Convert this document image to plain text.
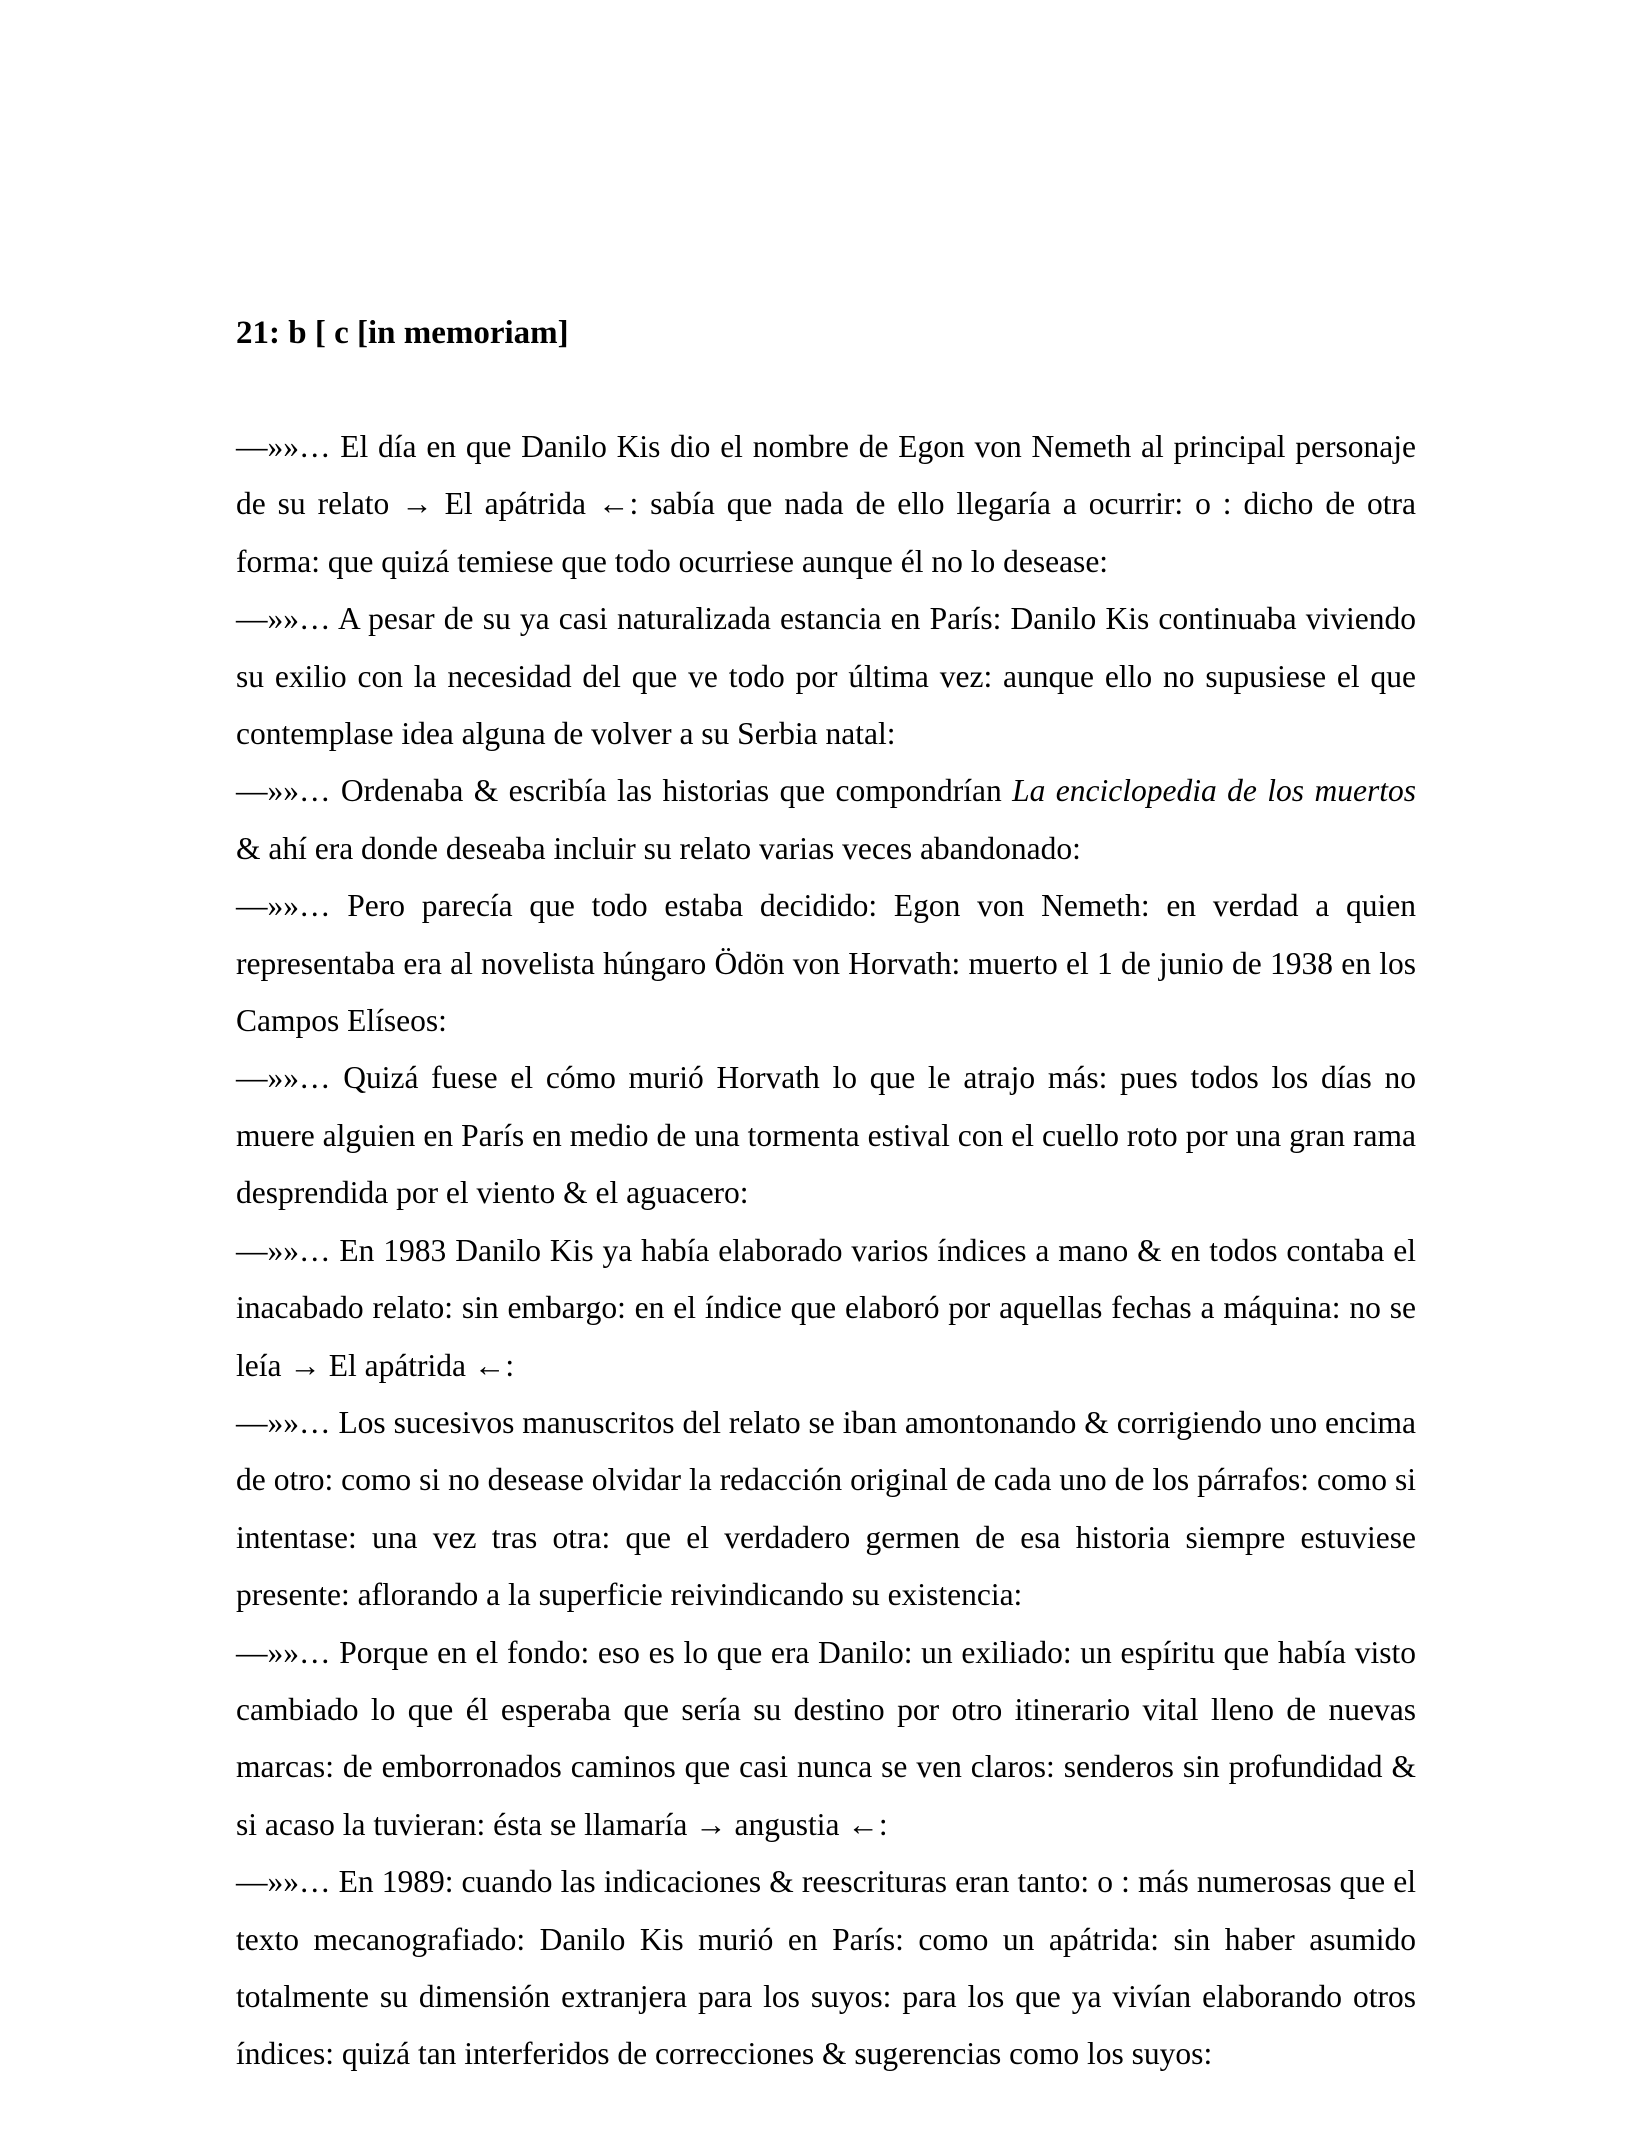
21: b [ c [in memoriam]

—»»… El día en que Danilo Kis dio el nombre de Egon von Nemeth al principal personaje de su relato → El apátrida ←: sabía que nada de ello llegaría a ocurrir: o : dicho de otra forma: que quizá temiese que todo ocurriese aunque él no lo desease:

—»»… A pesar de su ya casi naturalizada estancia en París: Danilo Kis continuaba viviendo su exilio con la necesidad del que ve todo por última vez: aunque ello no supusiese el que contemplase idea alguna de volver a su Serbia natal:

—»»… Ordenaba & escribía las historias que compondrían La enciclopedia de los muertos & ahí era donde deseaba incluir su relato varias veces abandonado:

—»»… Pero parecía que todo estaba decidido: Egon von Nemeth: en verdad a quien representaba era al novelista húngaro Ödön von Horvath: muerto el 1 de junio de 1938 en los Campos Elíseos:

—»»… Quizá fuese el cómo murió Horvath lo que le atrajo más: pues todos los días no muere alguien en París en medio de una tormenta estival con el cuello roto por una gran rama desprendida por el viento & el aguacero:

—»»… En 1983 Danilo Kis ya había elaborado varios índices a mano & en todos contaba el inacabado relato: sin embargo: en el índice que elaboró por aquellas fechas a máquina: no se leía → El apátrida ←:

—»»… Los sucesivos manuscritos del relato se iban amontonando & corrigiendo uno encima de otro: como si no desease olvidar la redacción original de cada uno de los párrafos: como si intentase: una vez tras otra: que el verdadero germen de esa historia siempre estuviese presente: aflorando a la superficie reivindicando su existencia:

—»»… Porque en el fondo: eso es lo que era Danilo: un exiliado: un espíritu que había visto cambiado lo que él esperaba que sería su destino por otro itinerario vital lleno de nuevas marcas: de emborronados caminos que casi nunca se ven claros: senderos sin profundidad & si acaso la tuvieran: ésta se llamaría → angustia ←:

—»»… En 1989: cuando las indicaciones & reescrituras eran tanto: o : más numerosas que el texto mecanografiado: Danilo Kis murió en París: como un apátrida: sin haber asumido totalmente su dimensión extranjera para los suyos: para los que ya vivían elaborando otros índices: quizá tan interferidos de correcciones & sugerencias como los suyos:
